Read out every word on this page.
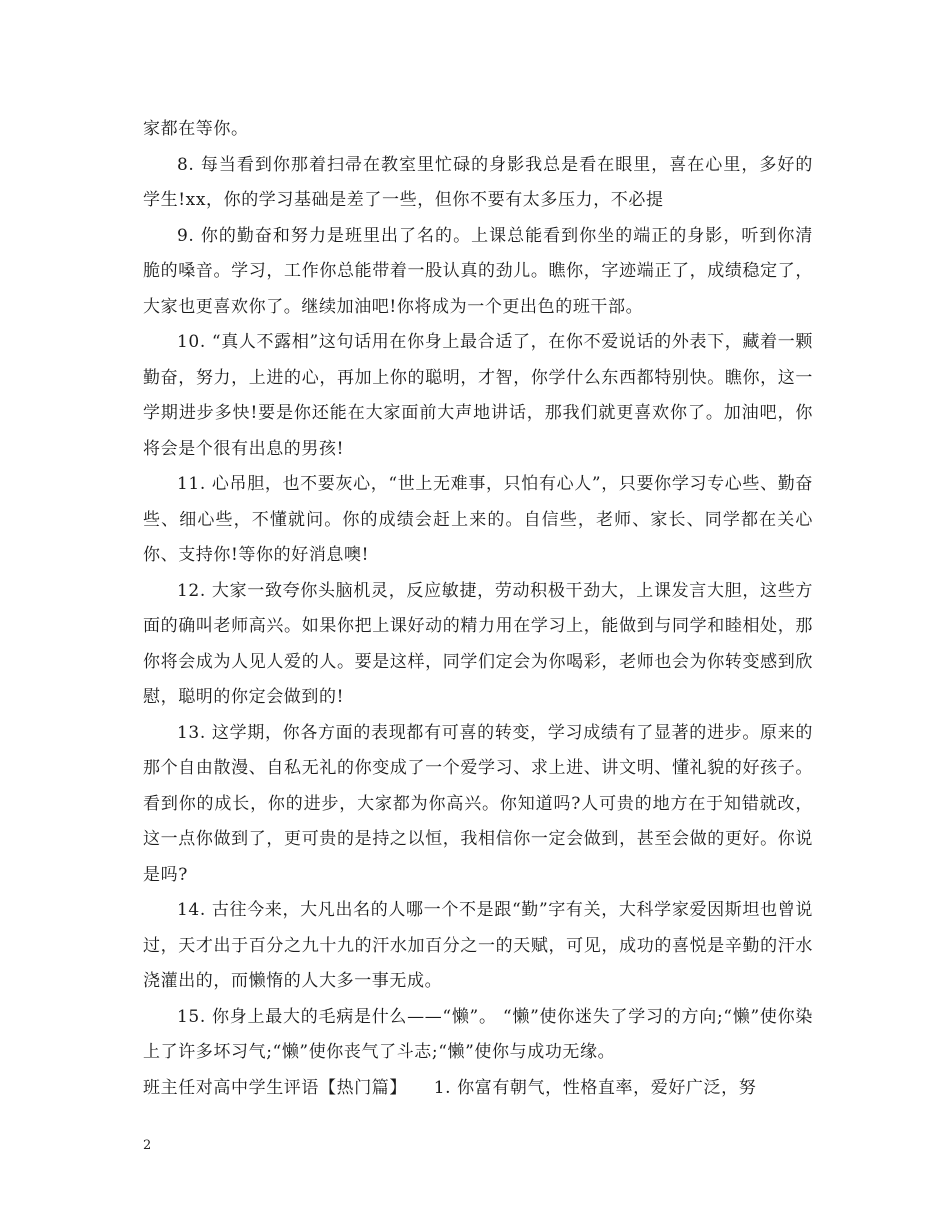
家都在等你。

8. 每当看到你那着扫帚在教室里忙碌的身影我总是看在眼里，喜在心里，多好的学生!xx，你的学习基础是差了一些，但你不要有太多压力，不必提

9. 你的勤奋和努力是班里出了名的。上课总能看到你坐的端正的身影，听到你清脆的嗓音。学习，工作你总能带着一股认真的劲儿。瞧你，字迹端正了，成绩稳定了，大家也更喜欢你了。继续加油吧!你将成为一个更出色的班干部。

10. “真人不露相”这句话用在你身上最合适了，在你不爱说话的外表下，藏着一颗勤奋，努力，上进的心，再加上你的聪明，才智，你学什么东西都特别快。瞧你，这一学期进步多快!要是你还能在大家面前大声地讲话，那我们就更喜欢你了。加油吧，你将会是个很有出息的男孩!

11. 心吊胆，也不要灰心，“世上无难事，只怕有心人”，只要你学习专心些、勤奋些、细心些，不懂就问。你的成绩会赶上来的。自信些，老师、家长、同学都在关心你、支持你!等你的好消息噢!

12. 大家一致夸你头脑机灵，反应敏捷，劳动积极干劲大，上课发言大胆，这些方面的确叫老师高兴。如果你把上课好动的精力用在学习上，能做到与同学和睦相处，那你将会成为人见人爱的人。要是这样，同学们定会为你喝彩，老师也会为你转变感到欣慰，聪明的你定会做到的!

13. 这学期，你各方面的表现都有可喜的转变，学习成绩有了显著的进步。原来的那个自由散漫、自私无礼的你变成了一个爱学习、求上进、讲文明、懂礼貌的好孩子。看到你的成长，你的进步，大家都为你高兴。你知道吗?人可贵的地方在于知错就改，这一点你做到了，更可贵的是持之以恒，我相信你一定会做到，甚至会做的更好。你说是吗?

14. 古往今来，大凡出名的人哪一个不是跟“勤”字有关，大科学家爱因斯坦也曾说过，天才出于百分之九十九的汗水加百分之一的天赋，可见，成功的喜悦是辛勤的汗水浇灌出的，而懒惰的人大多一事无成。

15. 你身上最大的毛病是什么——“懒”。 “懒”使你迷失了学习的方向;“懒”使你染上了许多坏习气;“懒”使你丧气了斗志;“懒”使你与成功无缘。

班主任对高中学生评语【热门篇】　　1. 你富有朝气，性格直率，爱好广泛，努

2
